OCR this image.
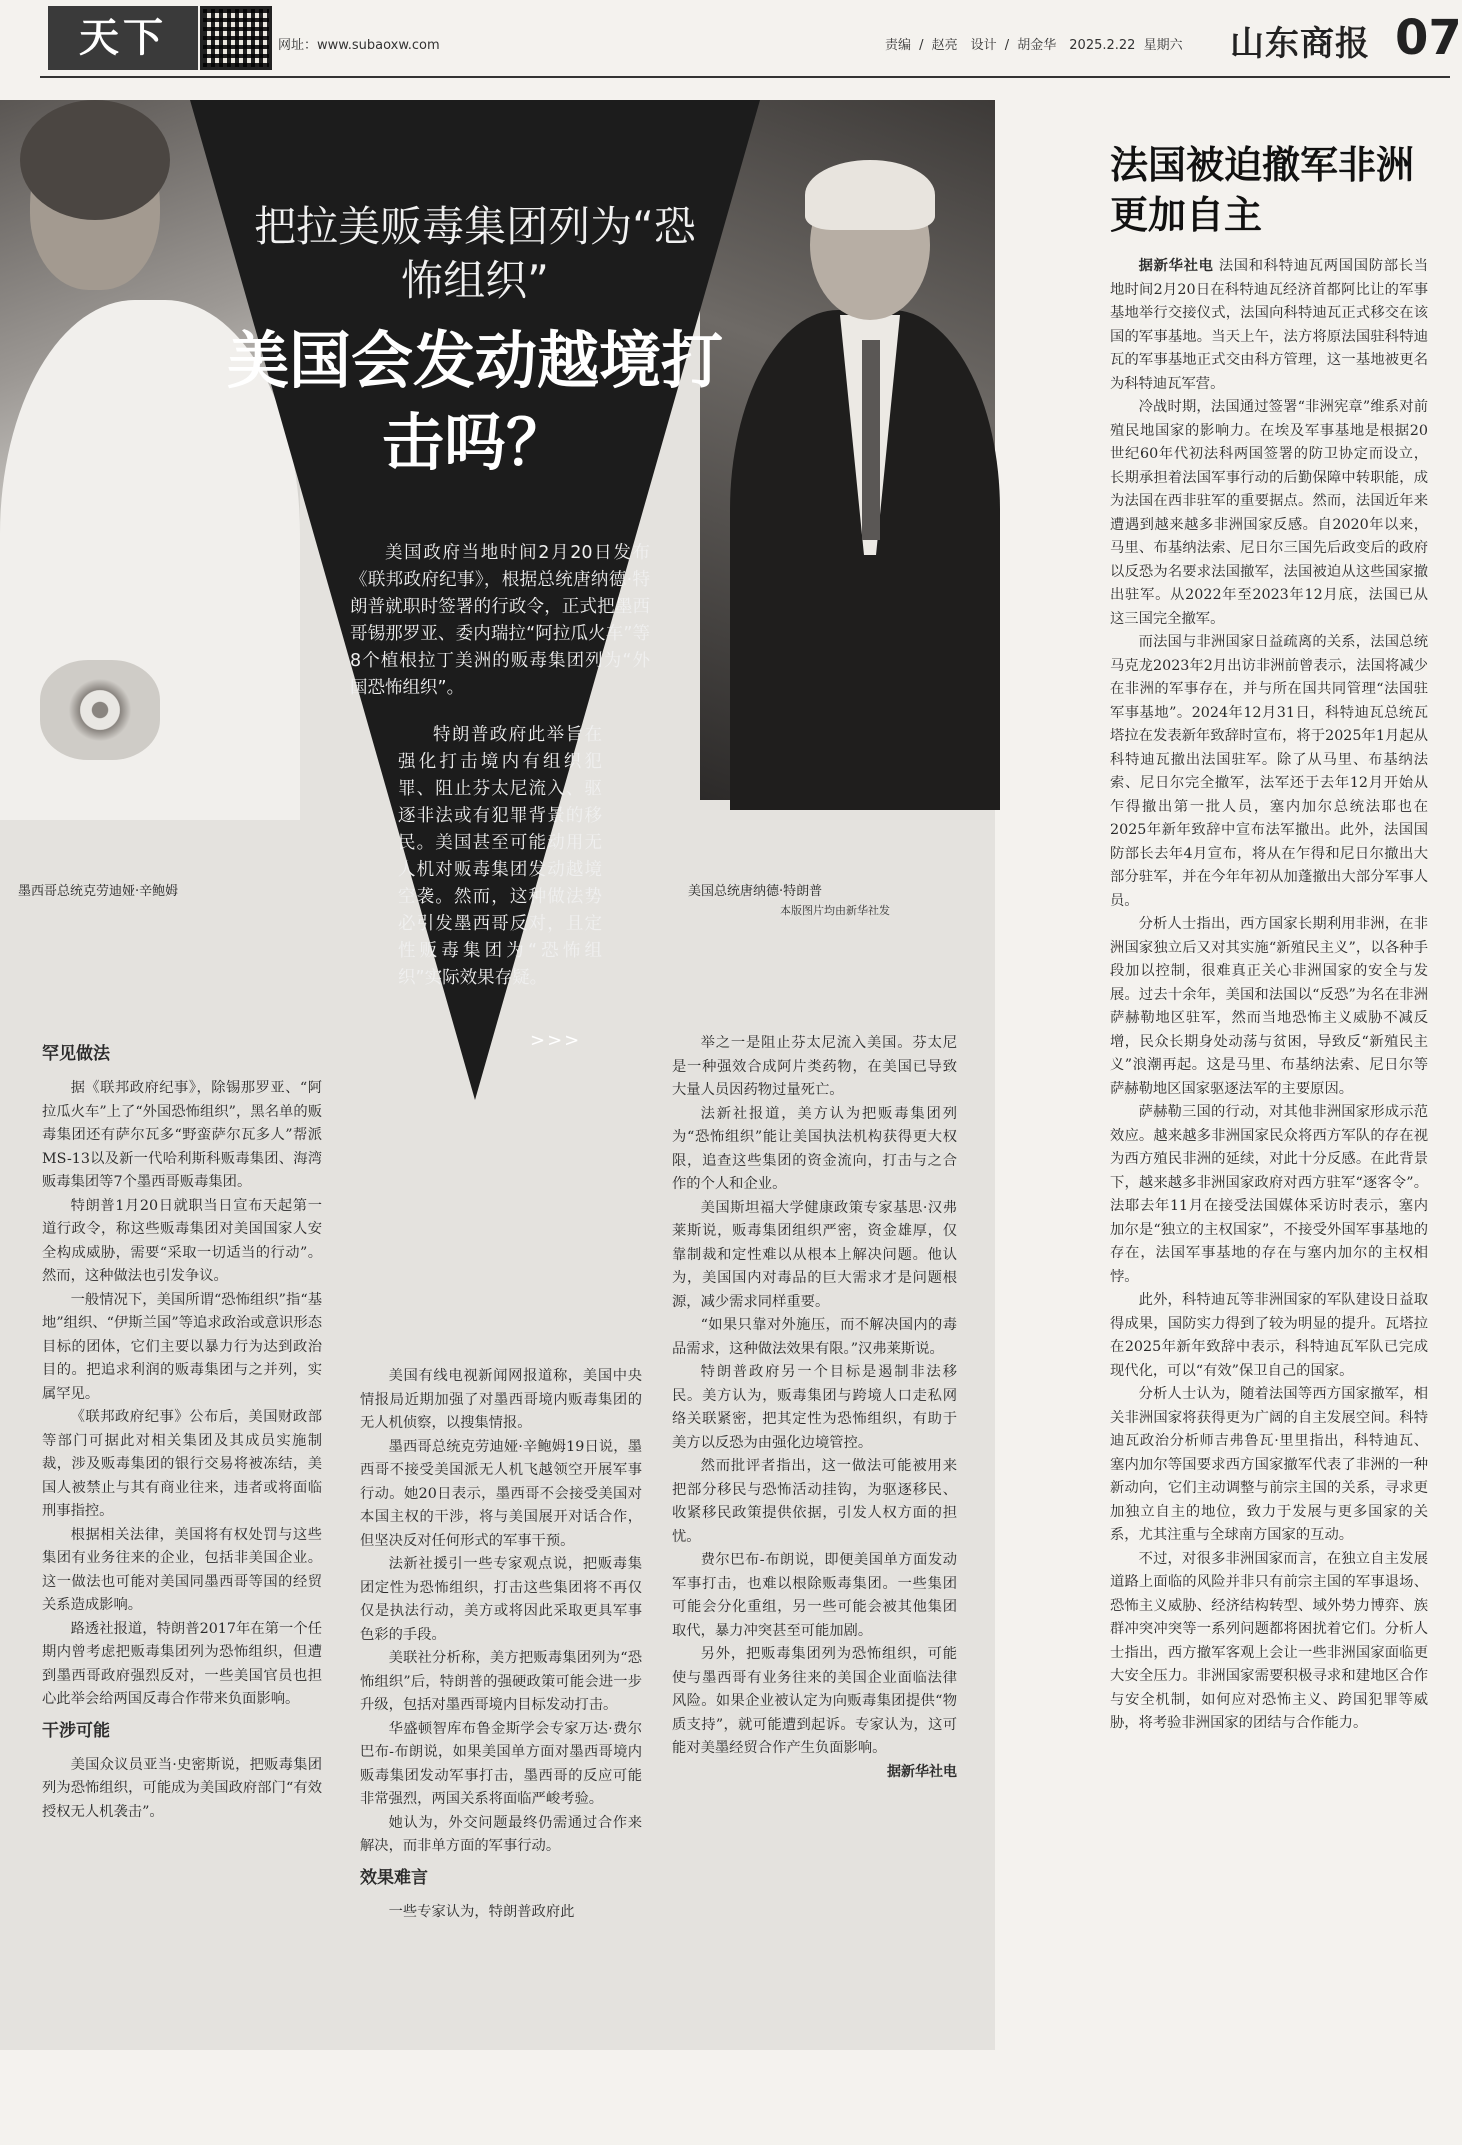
天下	网址：www.subaoxw.com	责编 / 赵亮　设计 / 胡金华　2025.2.22 星期六 山东商报 07
把拉美贩毒集团列为“恐怖组织”
美国会发动越境打击吗？

美国政府当地时间2月20日发布《联邦政府纪事》，根据总统唐纳德·特朗普就职时签署的行政令，正式把墨西哥锡那罗亚、委内瑞拉“阿拉瓜火车”等8个植根拉丁美洲的贩毒集团列为“外国恐怖组织”。

特朗普政府此举旨在强化打击境内有组织犯罪、阻止芬太尼流入、驱逐非法或有犯罪背景的移民。美国甚至可能动用无人机对贩毒集团发动越境空袭。然而，这种做法势必引发墨西哥反对，且定性贩毒集团为“恐怖组织”实际效果存疑。

>>>
墨西哥总统克劳迪娅·辛鲍姆	美国总统唐纳德·特朗普
本版图片均由新华社发

罕见做法

据《联邦政府纪事》，除锡那罗亚、“阿拉瓜火车”上了“外国恐怖组织”，黑名单的贩毒集团还有萨尔瓦多“野蛮萨尔瓦多人”帮派MS-13以及新一代哈利斯科贩毒集团、海湾贩毒集团等7个墨西哥贩毒集团。

特朗普1月20日就职当日宣布天起第一道行政令，称这些贩毒集团对美国国家人安全构成威胁，需要“采取一切适当的行动”。然而，这种做法也引发争议。

一般情况下，美国所谓“恐怖组织”指“基地”组织、“伊斯兰国”等追求政治或意识形态目标的团体，它们主要以暴力行为达到政治目的。把追求利润的贩毒集团与之并列，实属罕见。

《联邦政府纪事》公布后，美国财政部等部门可据此对相关集团及其成员实施制裁，涉及贩毒集团的银行交易将被冻结，美国人被禁止与其有商业往来，违者或将面临刑事指控。

根据相关法律，美国将有权处罚与这些集团有业务往来的企业，包括非美国企业。这一做法也可能对美国同墨西哥等国的经贸关系造成影响。

路透社报道，特朗普2017年在第一个任期内曾考虑把贩毒集团列为恐怖组织，但遭到墨西哥政府强烈反对，一些美国官员也担心此举会给两国反毒合作带来负面影响。

干涉可能

美国众议员亚当·史密斯说，把贩毒集团列为恐怖组织，可能成为美国政府部门“有效授权无人机袭击”。

美国有线电视新闻网报道称，美国中央情报局近期加强了对墨西哥境内贩毒集团的无人机侦察，以搜集情报。

墨西哥总统克劳迪娅·辛鲍姆19日说，墨西哥不接受美国派无人机飞越领空开展军事行动。她20日表示，墨西哥不会接受美国对本国主权的干涉，将与美国展开对话合作，但坚决反对任何形式的军事干预。

法新社援引一些专家观点说，把贩毒集团定性为恐怖组织，打击这些集团将不再仅仅是执法行动，美方或将因此采取更具军事色彩的手段。

美联社分析称，美方把贩毒集团列为“恐怖组织”后，特朗普的强硬政策可能会进一步升级，包括对墨西哥境内目标发动打击。

华盛顿智库布鲁金斯学会专家万达·费尔巴布-布朗说，如果美国单方面对墨西哥境内贩毒集团发动军事打击，墨西哥的反应可能非常强烈，两国关系将面临严峻考验。

她认为，外交问题最终仍需通过合作来解决，而非单方面的军事行动。

效果难言

一些专家认为，特朗普政府此

举之一是阻止芬太尼流入美国。芬太尼是一种强效合成阿片类药物，在美国已导致大量人员因药物过量死亡。

法新社报道，美方认为把贩毒集团列为“恐怖组织”能让美国执法机构获得更大权限，追查这些集团的资金流向，打击与之合作的个人和企业。

美国斯坦福大学健康政策专家基思·汉弗莱斯说，贩毒集团组织严密，资金雄厚，仅靠制裁和定性难以从根本上解决问题。他认为，美国国内对毒品的巨大需求才是问题根源，减少需求同样重要。

“如果只靠对外施压，而不解决国内的毒品需求，这种做法效果有限。”汉弗莱斯说。

特朗普政府另一个目标是遏制非法移民。美方认为，贩毒集团与跨境人口走私网络关联紧密，把其定性为恐怖组织，有助于美方以反恐为由强化边境管控。

然而批评者指出，这一做法可能被用来把部分移民与恐怖活动挂钩，为驱逐移民、收紧移民政策提供依据，引发人权方面的担忧。

费尔巴布-布朗说，即便美国单方面发动军事打击，也难以根除贩毒集团。一些集团可能会分化重组，另一些可能会被其他集团取代，暴力冲突甚至可能加剧。

另外，把贩毒集团列为恐怖组织，可能使与墨西哥有业务往来的美国企业面临法律风险。如果企业被认定为向贩毒集团提供“物质支持”，就可能遭到起诉。专家认为，这可能对美墨经贸合作产生负面影响。

据新华社电

法国被迫撤军非洲更加自主

据新华社电 法国和科特迪瓦两国国防部长当地时间2月20日在科特迪瓦经济首都阿比让的军事基地举行交接仪式，法国向科特迪瓦正式移交在该国的军事基地。当天上午，法方将原法国驻科特迪瓦的军事基地正式交由科方管理，这一基地被更名为科特迪瓦军营。

冷战时期，法国通过签署“非洲宪章”维系对前殖民地国家的影响力。在埃及军事基地是根据20世纪60年代初法科两国签署的防卫协定而设立，长期承担着法国军事行动的后勤保障中转职能，成为法国在西非驻军的重要据点。然而，法国近年来遭遇到越来越多非洲国家反感。自2020年以来，马里、布基纳法索、尼日尔三国先后政变后的政府以反恐为名要求法国撤军，法国被迫从这些国家撤出驻军。从2022年至2023年12月底，法国已从这三国完全撤军。

而法国与非洲国家日益疏离的关系，法国总统马克龙2023年2月出访非洲前曾表示，法国将减少在非洲的军事存在，并与所在国共同管理“法国驻军事基地”。2024年12月31日，科特迪瓦总统瓦塔拉在发表新年致辞时宣布，将于2025年1月起从科特迪瓦撤出法国驻军。除了从马里、布基纳法索、尼日尔完全撤军，法军还于去年12月开始从乍得撤出第一批人员，塞内加尔总统法耶也在2025年新年致辞中宣布法军撤出。此外，法国国防部长去年4月宣布，将从在乍得和尼日尔撤出大部分驻军，并在今年年初从加蓬撤出大部分军事人员。

分析人士指出，西方国家长期利用非洲，在非洲国家独立后又对其实施“新殖民主义”，以各种手段加以控制，很难真正关心非洲国家的安全与发展。过去十余年，美国和法国以“反恐”为名在非洲萨赫勒地区驻军，然而当地恐怖主义威胁不减反增，民众长期身处动荡与贫困，导致反“新殖民主义”浪潮再起。这是马里、布基纳法索、尼日尔等萨赫勒地区国家驱逐法军的主要原因。

萨赫勒三国的行动，对其他非洲国家形成示范效应。越来越多非洲国家民众将西方军队的存在视为西方殖民非洲的延续，对此十分反感。在此背景下，越来越多非洲国家政府对西方驻军“逐客令”。法耶去年11月在接受法国媒体采访时表示，塞内加尔是“独立的主权国家”，不接受外国军事基地的存在，法国军事基地的存在与塞内加尔的主权相悖。

此外，科特迪瓦等非洲国家的军队建设日益取得成果，国防实力得到了较为明显的提升。瓦塔拉在2025年新年致辞中表示，科特迪瓦军队已完成现代化，可以“有效”保卫自己的国家。

分析人士认为，随着法国等西方国家撤军，相关非洲国家将获得更为广阔的自主发展空间。科特迪瓦政治分析师吉弗鲁瓦·里里指出，科特迪瓦、塞内加尔等国要求西方国家撤军代表了非洲的一种新动向，它们主动调整与前宗主国的关系，寻求更加独立自主的地位，致力于发展与更多国家的关系，尤其注重与全球南方国家的互动。

不过，对很多非洲国家而言，在独立自主发展道路上面临的风险并非只有前宗主国的军事退场、恐怖主义威胁、经济结构转型、域外势力博弈、族群冲突冲突等一系列问题都将困扰着它们。分析人士指出，西方撤军客观上会让一些非洲国家面临更大安全压力。非洲国家需要积极寻求和建地区合作与安全机制，如何应对恐怖主义、跨国犯罪等威胁，将考验非洲国家的团结与合作能力。
